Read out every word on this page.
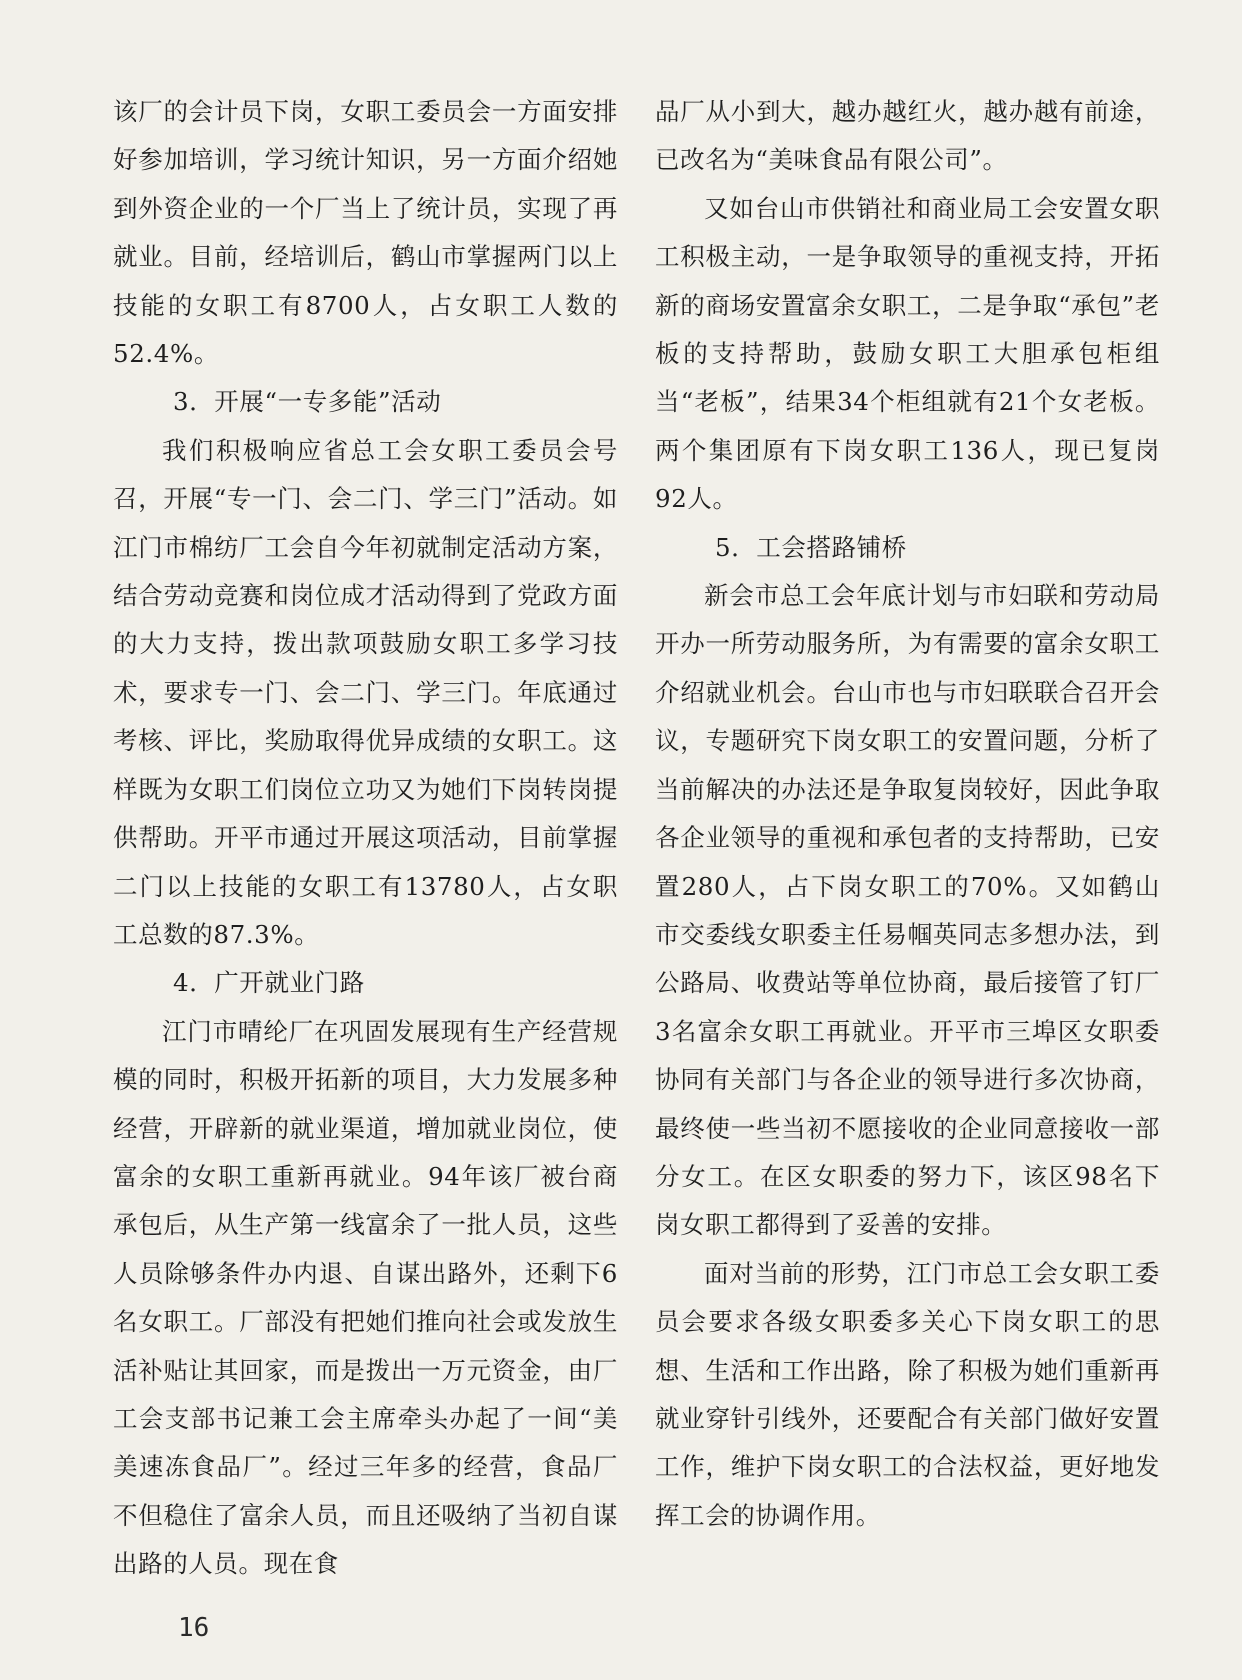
该厂的会计员下岗，女职工委员会一方面安排好参加培训，学习统计知识，另一方面介绍她到外资企业的一个厂当上了统计员，实现了再就业。目前，经培训后，鹤山市掌握两门以上技能的女职工有8700人，占女职工人数的52.4%。

3．开展“一专多能”活动

我们积极响应省总工会女职工委员会号召，开展“专一门、会二门、学三门”活动。如江门市棉纺厂工会自今年初就制定活动方案，结合劳动竞赛和岗位成才活动得到了党政方面的大力支持，拨出款项鼓励女职工多学习技术，要求专一门、会二门、学三门。年底通过考核、评比，奖励取得优异成绩的女职工。这样既为女职工们岗位立功又为她们下岗转岗提供帮助。开平市通过开展这项活动，目前掌握二门以上技能的女职工有13780人，占女职工总数的87.3%。

4．广开就业门路

江门市晴纶厂在巩固发展现有生产经营规模的同时，积极开拓新的项目，大力发展多种经营，开辟新的就业渠道，增加就业岗位，使富余的女职工重新再就业。94年该厂被台商承包后，从生产第一线富余了一批人员，这些人员除够条件办内退、自谋出路外，还剩下6名女职工。厂部没有把她们推向社会或发放生活补贴让其回家，而是拨出一万元资金，由厂工会支部书记兼工会主席牵头办起了一间“美美速冻食品厂”。经过三年多的经营，食品厂不但稳住了富余人员，而且还吸纳了当初自谋出路的人员。现在食

品厂从小到大，越办越红火，越办越有前途，已改名为“美味食品有限公司”。

又如台山市供销社和商业局工会安置女职工积极主动，一是争取领导的重视支持，开拓新的商场安置富余女职工，二是争取“承包”老板的支持帮助，鼓励女职工大胆承包柜组当“老板”，结果34个柜组就有21个女老板。两个集团原有下岗女职工136人，现已复岗92人。

5．工会搭路铺桥

新会市总工会年底计划与市妇联和劳动局开办一所劳动服务所，为有需要的富余女职工介绍就业机会。台山市也与市妇联联合召开会议，专题研究下岗女职工的安置问题，分析了当前解决的办法还是争取复岗较好，因此争取各企业领导的重视和承包者的支持帮助，已安置280人，占下岗女职工的70%。又如鹤山市交委线女职委主任易帼英同志多想办法，到公路局、收费站等单位协商，最后接管了钉厂3名富余女职工再就业。开平市三埠区女职委协同有关部门与各企业的领导进行多次协商，最终使一些当初不愿接收的企业同意接收一部分女工。在区女职委的努力下，该区98名下岗女职工都得到了妥善的安排。

面对当前的形势，江门市总工会女职工委员会要求各级女职委多关心下岗女职工的思想、生活和工作出路，除了积极为她们重新再就业穿针引线外，还要配合有关部门做好安置工作，维护下岗女职工的合法权益，更好地发挥工会的协调作用。

16
